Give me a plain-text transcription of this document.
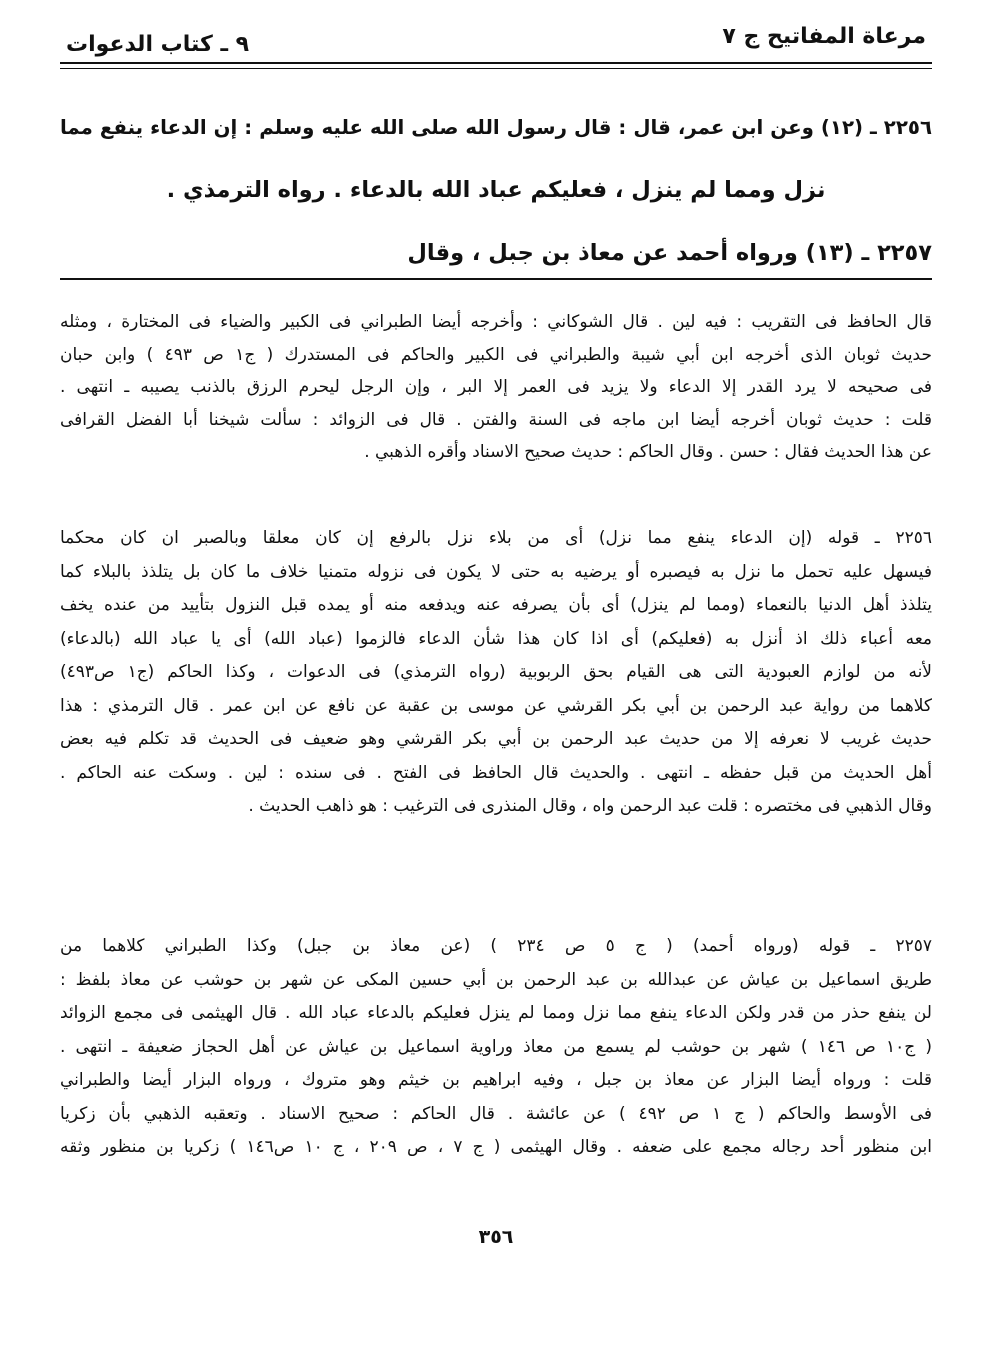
مرعاة المفاتيح ج ٧
٩ ـ كتاب الدعوات
٢٢٥٦ ـ (١٢) وعن ابن عمر، قال : قال رسول الله صلى الله عليه وسلم : إن الدعاء ينفع مما
نزل ومما لم ينزل ، فعليكم عباد الله بالدعاء . رواه الترمذي .
٢٢٥٧ ـ (١٣) ورواه أحمد عن معاذ بن جبل ، وقال
قال الحافظ فى التقريب : فيه لين . قال الشوكاني : وأخرجه أيضا الطبراني فى الكبير والضياء فى المختارة ، ومثله
حديث ثوبان الذى أخرجه ابن أبي شيبة والطبراني فى الكبير والحاكم فى المستدرك ( ج١ ص ٤٩٣ ) وابن حبان
فى صحيحه لا يرد القدر إلا الدعاء ولا يزيد فى العمر إلا البر ، وإن الرجل ليحرم الرزق بالذنب يصيبه ـ انتهى .
قلت : حديث ثوبان أخرجه أيضا ابن ماجه فى السنة والفتن . قال فى الزوائد : سألت شيخنا أبا الفضل القرافى
عن هذا الحديث فقال : حسن . وقال الحاكم : حديث صحيح الاسناد وأقره الذهبي .
٢٢٥٦ ـ قوله (إن الدعاء ينفع مما نزل) أى من بلاء نزل بالرفع إن كان معلقا وبالصبر ان كان محكما
فيسهل عليه تحمل ما نزل به فيصبره أو يرضيه به حتى لا يكون فى نزوله متمنيا خلاف ما كان بل يتلذذ بالبلاء كما
يتلذذ أهل الدنيا بالنعماء (ومما لم ينزل) أى بأن يصرفه عنه ويدفعه منه أو يمده قبل النزول بتأييد من عنده يخف
معه أعباء ذلك اذ أنزل به (فعليكم) أى اذا كان هذا شأن الدعاء فالزموا (عباد الله) أى يا عباد الله (بالدعاء)
لأنه من لوازم العبودية التى هى القيام بحق الربوبية (رواه الترمذي) فى الدعوات ، وكذا الحاكم (ج١ ص٤٩٣)
كلاهما من رواية عبد الرحمن بن أبي بكر القرشي عن موسى بن عقبة عن نافع عن ابن عمر . قال الترمذي : هذا
حديث غريب لا نعرفه إلا من حديث عبد الرحمن بن أبي بكر القرشي وهو ضعيف فى الحديث قد تكلم فيه بعض
أهل الحديث من قبل حفظه ـ انتهى . والحديث قال الحافظ فى الفتح . فى سنده : لين . وسكت عنه الحاكم .
وقال الذهبي فى مختصره : قلت عبد الرحمن واه ، وقال المنذرى فى الترغيب : هو ذاهب الحديث .
٢٢٥٧ ـ قوله (ورواه أحمد) ( ج ٥ ص ٢٣٤ ) (عن معاذ بن جبل) وكذا الطبراني كلاهما من
طريق اسماعيل بن عياش عن عبدالله بن عبد الرحمن بن أبي حسين المكى عن شهر بن حوشب عن معاذ بلفظ :
لن ينفع حذر من قدر ولكن الدعاء ينفع مما نزل ومما لم ينزل فعليكم بالدعاء عباد الله . قال الهيثمى فى مجمع الزوائد
( ج١٠ ص ١٤٦ ) شهر بن حوشب لم يسمع من معاذ وراوية اسماعيل بن عياش عن أهل الحجاز ضعيفة ـ انتهى .
قلت : ورواه أيضا البزار عن معاذ بن جبل ، وفيه ابراهيم بن خيثم وهو متروك ، ورواه البزار أيضا والطبراني
فى الأوسط والحاكم ( ج ١ ص ٤٩٢ ) عن عائشة . قال الحاكم : صحيح الاسناد . وتعقبه الذهبي بأن زكريا
ابن منظور أحد رجاله مجمع على ضعفه . وقال الهيثمى ( ج ٧ ، ص ٢٠٩ ، ج ١٠ ص١٤٦ ) زكريا بن منظور وثقه
٣٥٦
